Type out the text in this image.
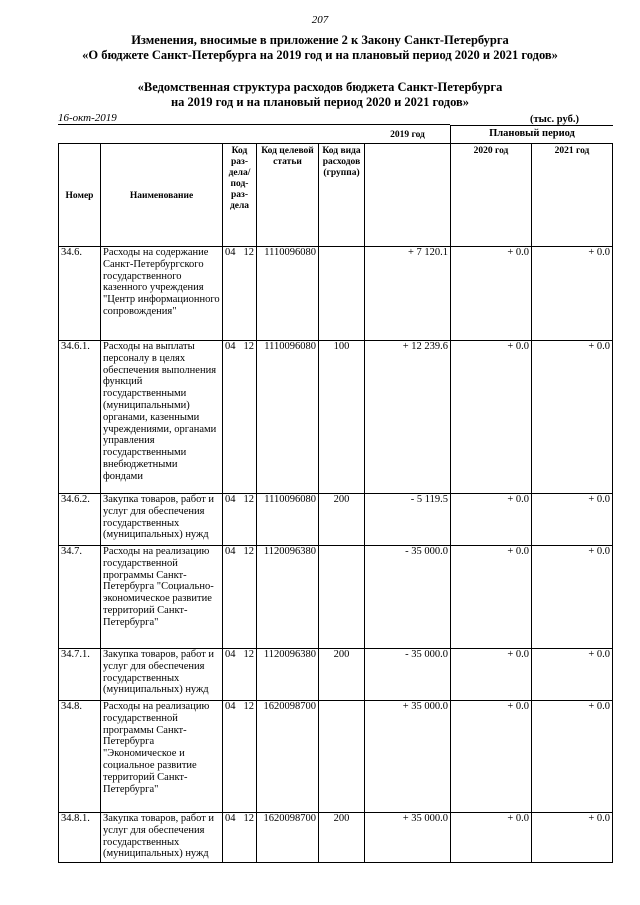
207
Изменения, вносимые в приложение 2 к Закону Санкт-Петербурга
«О бюджете Санкт-Петербурга на 2019 год и на плановый период 2020 и 2021 годов»
«Ведомственная структура расходов бюджета Санкт-Петербурга
на 2019 год и на плановый период 2020 и 2021 годов»
16-окт-2019	(тыс. руб.)
Плановый период
Номер	Наименование	Код раз-дела/под-раз-дела	Код целевой статьи	Код вида расходов (группа)	2019 год	2020 год	2021 год
34.6.	Расходы на содержание Санкт-Петербургского государственного казенного учреждения "Центр информационного сопровождения"	04 12	1110096080		+ 7 120.1	+ 0.0	+ 0.0
34.6.1.	Расходы на выплаты персоналу в целях обеспечения выполнения функций государственными (муниципальными) органами, казенными учреждениями, органами управления государственными внебюджетными фондами	04 12	1110096080	100	+ 12 239.6	+ 0.0	+ 0.0
34.6.2.	Закупка товаров, работ и услуг для обеспечения государственных (муниципальных) нужд	04 12	1110096080	200	- 5 119.5	+ 0.0	+ 0.0
34.7.	Расходы на реализацию государственной программы Санкт-Петербурга "Социально-экономическое развитие территорий Санкт-Петербурга"	04 12	1120096380		- 35 000.0	+ 0.0	+ 0.0
34.7.1.	Закупка товаров, работ и услуг для обеспечения государственных (муниципальных) нужд	04 12	1120096380	200	- 35 000.0	+ 0.0	+ 0.0
34.8.	Расходы на реализацию государственной программы Санкт-Петербурга "Экономическое и социальное развитие территорий Санкт-Петербурга"	04 12	1620098700		+ 35 000.0	+ 0.0	+ 0.0
34.8.1.	Закупка товаров, работ и услуг для обеспечения государственных (муниципальных) нужд	04 12	1620098700	200	+ 35 000.0	+ 0.0	+ 0.0
